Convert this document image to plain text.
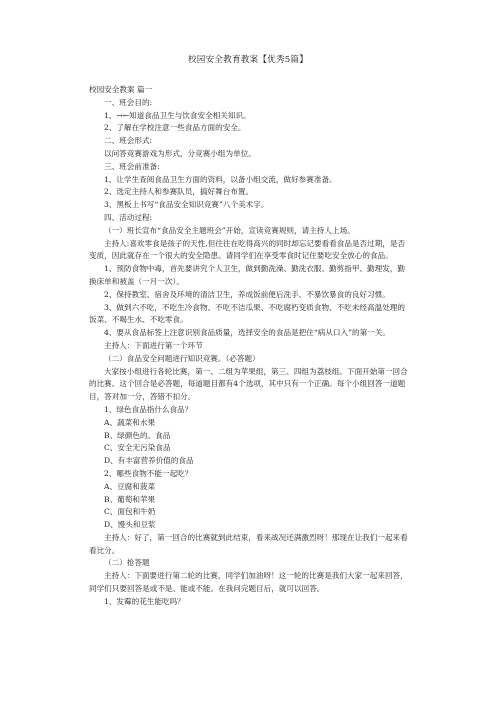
校园安全教育教案【优秀5篇】

校园安全教案 篇一

一、班会目的:

1、→←知道食品卫生与饮食安全相关知识。

2、了解在学校注意一些食品方面的安全。

二、班会形式:

以问答竞赛游戏为形式，分竞赛小组为单位。

三、班会前准备:

1、让学生查阅食品卫生方面的资料，以备小组交流，做好参赛准备。

2、选定主持人和参赛队员，搞好舞台布置。

3、黑板上书写“食品安全知识竞赛”八个美术字。

四、活动过程:

（一）班长宣布“食品安全主题班会”开始，宣读竞赛规则，请主持人上场。

主持人:喜欢零食是孩子的天性,但往往在吃得高兴的同时却忘记要看看食品是否过期，是否变质，因此就存在一个很大的安全隐患。请同学们在享受零食时记住要吃安全放心的食品。

1、预防食物中毒，首先要讲究个人卫生，做到勤洗澡、勤洗衣服、勤剪指甲、勤理发，勤换床单和被盖（一月一次）。

2、保持教室、宿舍及环境的清洁卫生，养成饭前便后洗手、不暴饮暴食的良好习惯。

3、做到六不吃，不吃生冷食物、不吃不洁瓜果、不吃腐朽变质食物、不吃未经高温处理的饭菜、不喝生水、不吃零食。

4、要从食品标签上注意识别食品质量，选择安全的食品是把住“病从口入”的第一关。

主持人：下面进行第一个环节

（二）食品安全问题进行知识竞赛。（必答题）

大家按小组进行各轮比赛，第一、二组为苹果组，第三、四组为荔枝组。下面开始第一回合的比赛。这个回合是必答题，每道题目都有4个选项，其中只有一个正确。每个小组回答一道题目，答对加一分，答错不扣分。

1、绿色食品指什么食品？

A、蔬菜和水果

B、绿颜色的。食品

C、安全无污染食品

D、有丰富营养价值的食品

2、哪些食物不能一起吃？

A、豆腐和菠菜

B、葡萄和苹果

C、面包和牛奶

D、馒头和豆浆

主持人：好了，第一回合的比赛就到此结束，看来战况还满激烈呀！那现在让我们一起来看看比分。

（二）抢答题

主持人：下面要进行第二轮的比赛，同学们加油呀！这一轮的比赛是我们大家一起来回答，同学们只要回答是或不是、能或不能。在我问完题目后，就可以回答。

1、发霉的花生能吃吗？
